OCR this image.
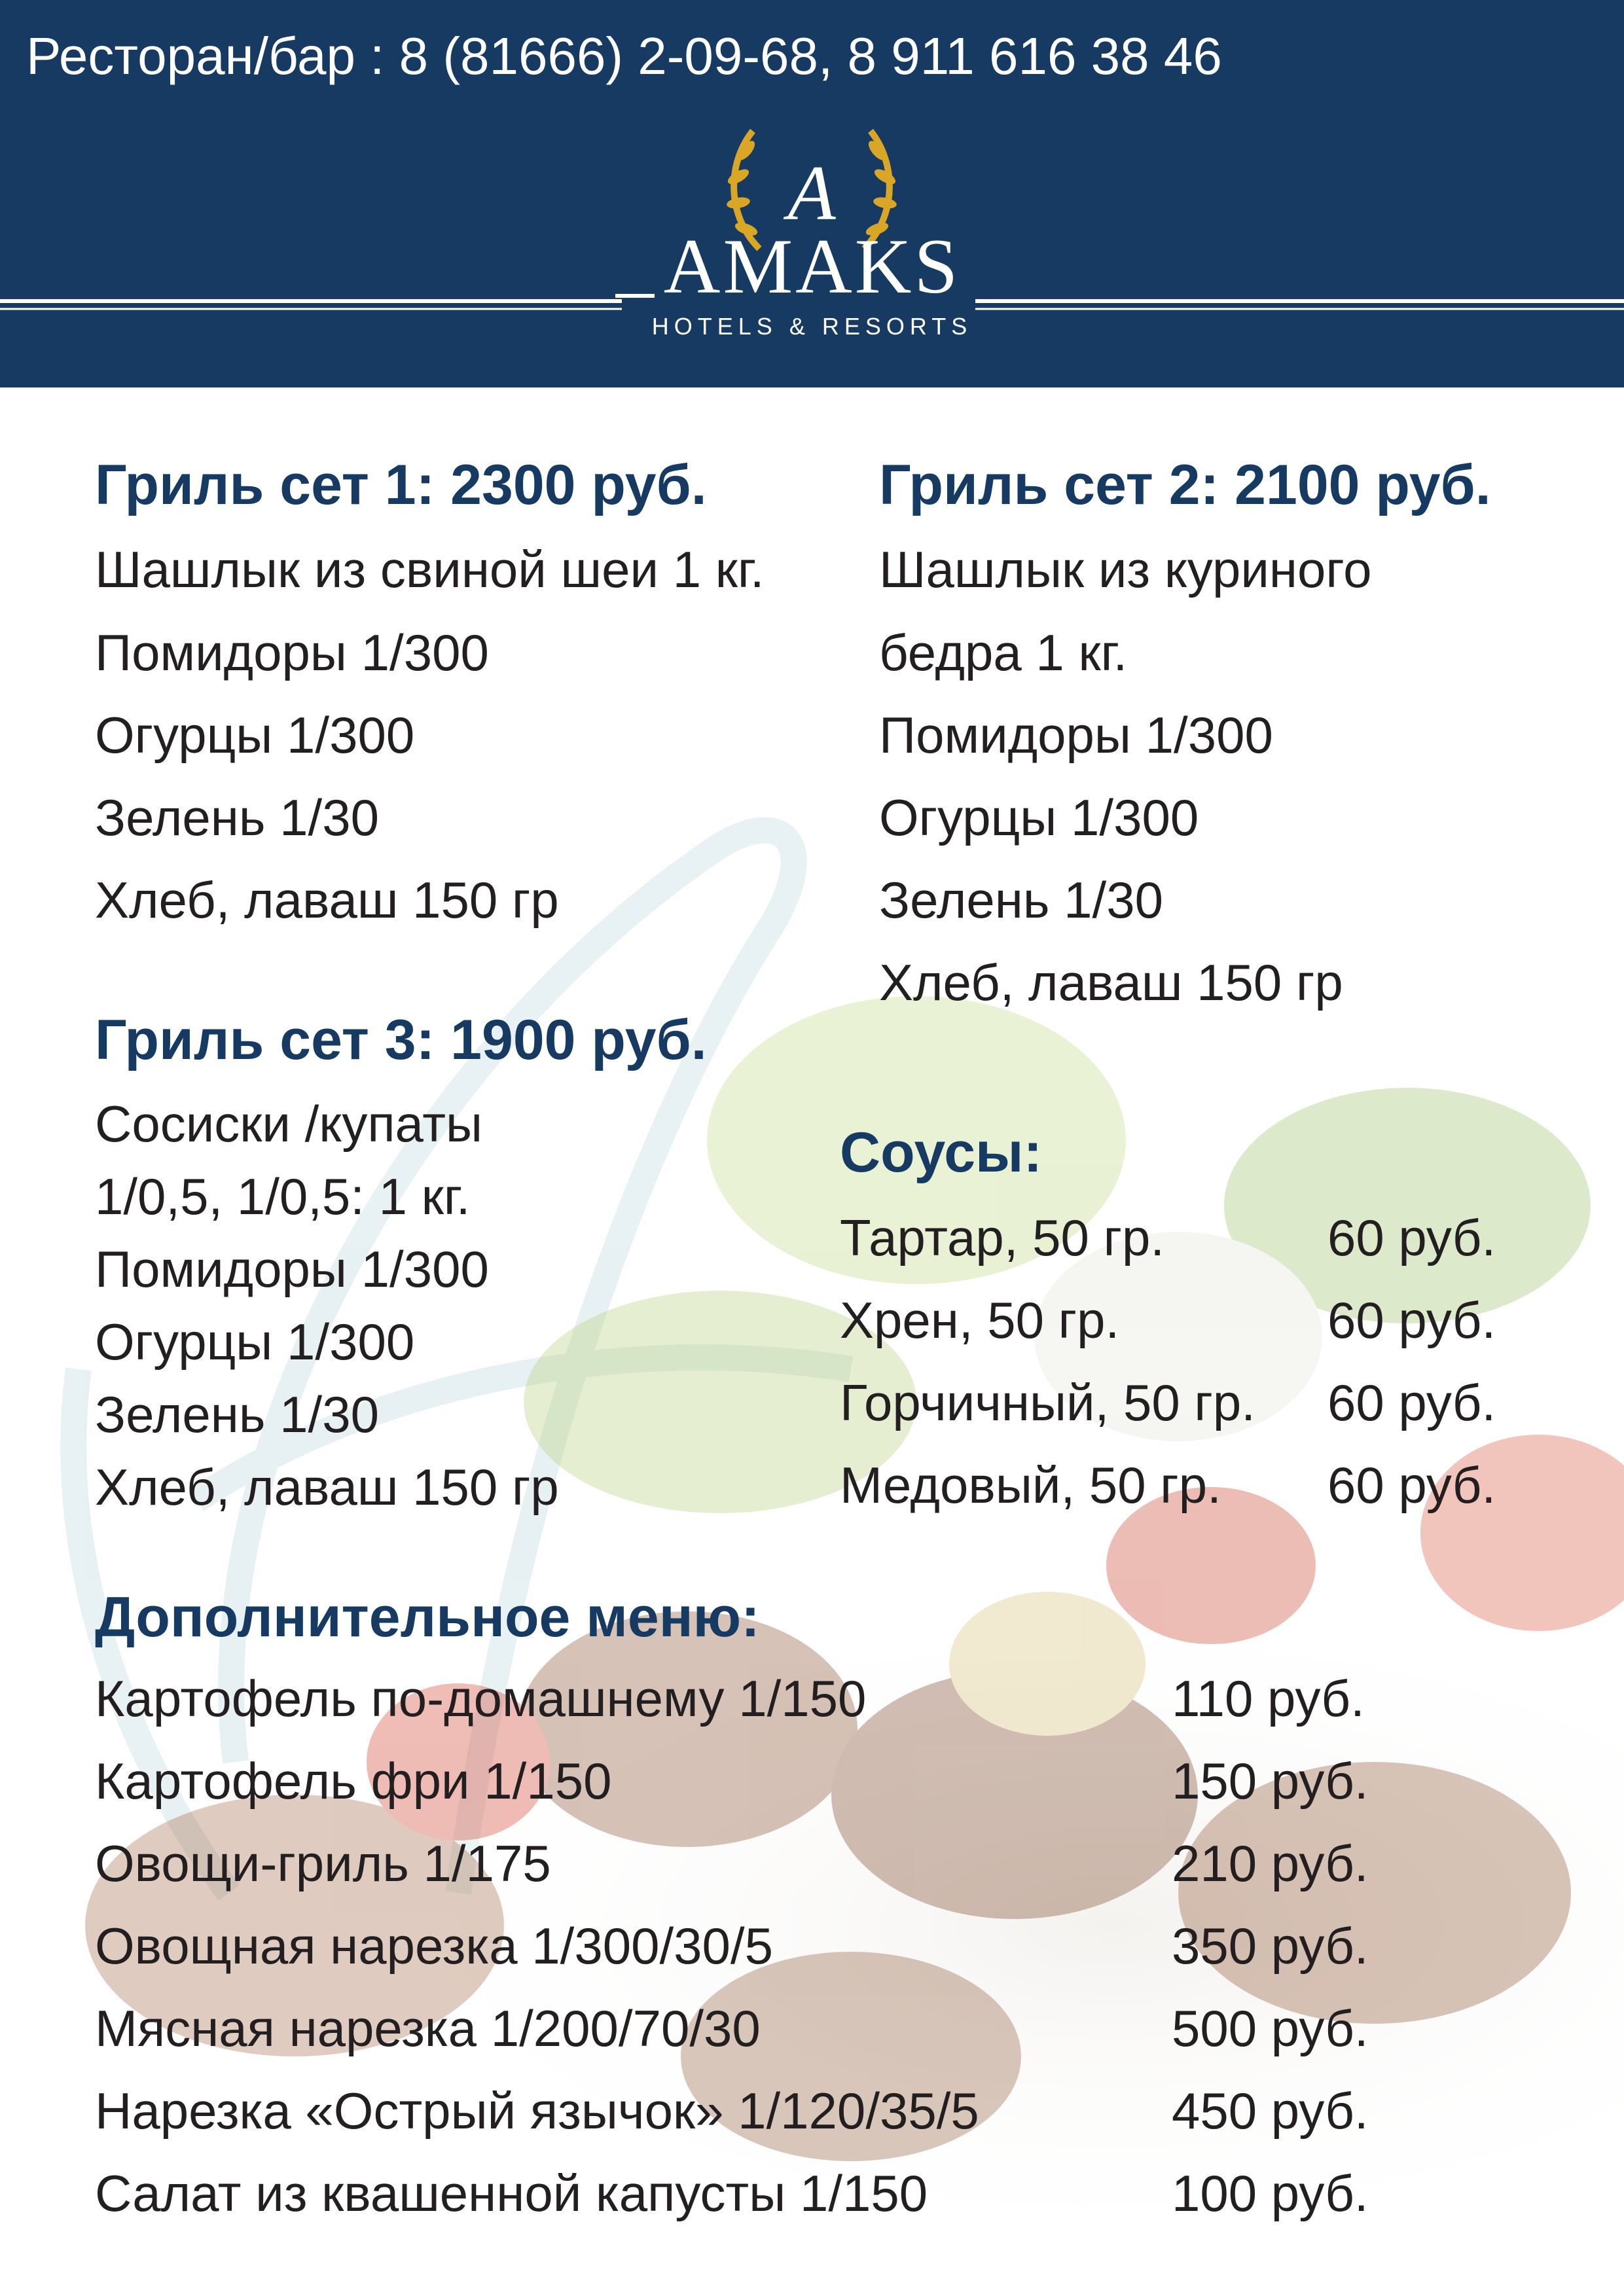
Ресторан/бар : 8 (81666) 2-09-68, 8 911 616 38 46
A
AMAKS
HOTELS & RESORTS
Гриль сет 1: 2300 руб.
Шашлык из свиной шеи 1 кг.
Помидоры 1/300
Огурцы 1/300
Зелень 1/30
Хлеб, лаваш 150 гр
Гриль сет 2: 2100 руб.
Шашлык из куриного
бедра 1 кг.
Помидоры 1/300
Огурцы 1/300
Зелень 1/30
Хлеб, лаваш 150 гр
Гриль сет 3: 1900 руб.
Сосиски /купаты
1/0,5, 1/0,5: 1 кг.
Помидоры 1/300
Огурцы 1/300
Зелень 1/30
Хлеб, лаваш 150 гр
Соусы:
Тартар, 50 гр.	60 руб.
Хрен, 50 гр.	60 руб.
Горчичный, 50 гр. 60 руб.
Медовый, 50 гр. 60 руб.
Дополнительное меню:
Картофель по-домашнему 1/150	110 руб.
Картофель фри 1/150	150 руб.
Овощи-гриль 1/175	210 руб.
Овощная нарезка 1/300/30/5	350 руб.
Мясная нарезка 1/200/70/30	500 руб.
Нарезка «Острый язычок» 1/120/35/5	450 руб.
Салат из квашенной капусты 1/150	100 руб.
